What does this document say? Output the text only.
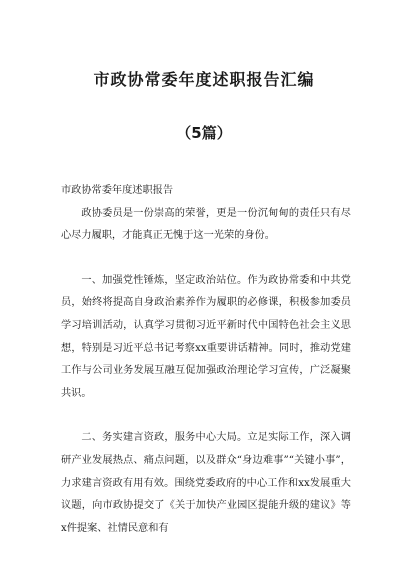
市政协常委年度述职报告汇编
（5篇）

市政协常委年度述职报告

政协委员是一份崇高的荣誉，更是一份沉甸甸的责任只有尽心尽力履职，才能真正无愧于这一光荣的身份。

一、加强党性锤炼，坚定政治站位。作为政协常委和中共党员，始终将提高自身政治素养作为履职的必修课，积极参加委员学习培训活动，认真学习贯彻习近平新时代中国特色社会主义思想，特别是习近平总书记考察xx重要讲话精神。同时，推动党建工作与公司业务发展互融互促加强政治理论学习宣传，广泛凝聚共识。

二、务实建言资政，服务中心大局。立足实际工作，深入调研产业发展热点、痛点问题，以及群众“身边难事”“关键小事”，力求建言资政有用有效。围绕党委政府的中心工作和xx发展重大议题，向市政协提交了《关于加快产业园区提能升级的建议》等x件提案、社情民意和有
